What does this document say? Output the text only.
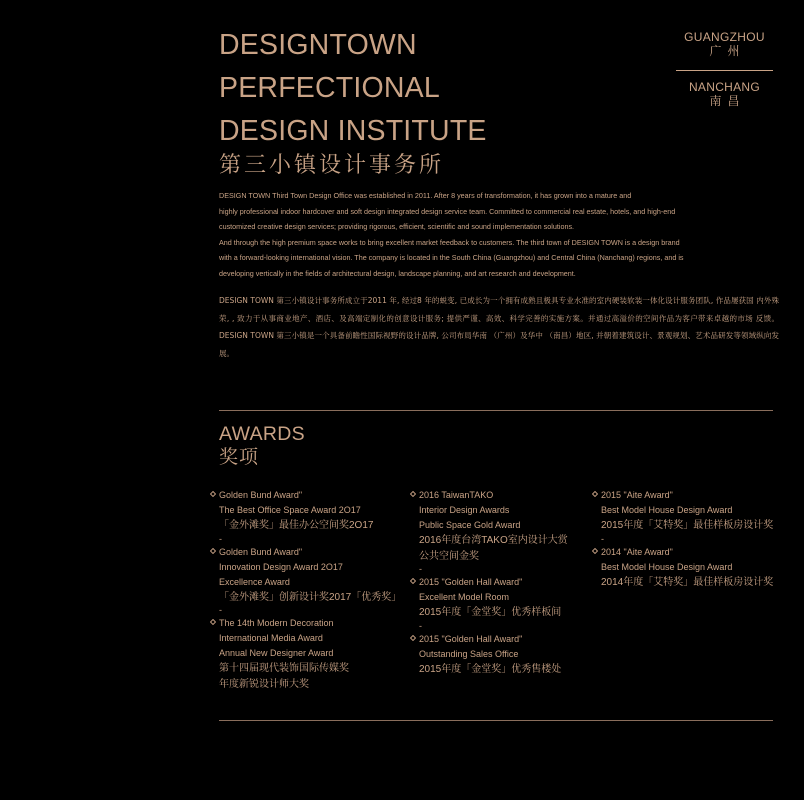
DESIGNTOWN
PERFECTIONAL
DESIGN INSTITUTE
第三小镇设计事务所
GUANGZHOU
广州
NANCHANG
南昌
DESIGN TOWN Third Town Design Office was established in 2011. After 8 years of transformation, it has grown into a mature and
highly professional indoor hardcover and soft design integrated design service team. Committed to commercial real estate, hotels, and high-end
customized creative design services; providing rigorous, efficient, scientific and sound implementation solutions.
And through the high premium space works to bring excellent market feedback to customers. The third town of DESIGN TOWN is a design brand
with a forward-looking international vision. The company is located in the South China (Guangzhou) and Central China (Nanchang) regions, and is
developing vertically in the fields of architectural design, landscape planning, and art research and development.
DESIGN TOWN 第三小镇设计事务所成立于2011 年, 经过8 年的蜕变, 已成长为一个拥有成熟且极具专业水准的室内硬装软装一体化设计服务团队, 作品屡获国 内外殊荣, , 致力于从事商业地产、酒店、及高端定制化的创意设计服务; 提供严谨、高效、科学完善的实施方案。并通过高溢价的空间作品为客户带来卓越的市场 反馈。DESIGN TOWN 第三小镇是一个具备前瞻性国际视野的设计品牌, 公司布局华南 （广州）及华中 （南昌）地区, 并朝着建筑设计、景观规划、艺术品研发等领域纵向发展。
AWARDS
奖项
Golden Bund Award"
The Best Office Space Award 2O17
「金外滩奖」最佳办公空间奖2O17
-
Golden Bund Award"
Innovation Design Award 2O17
Excellence Award
「金外滩奖」创新设计奖2017「优秀奖」
-
The 14th Modern Decoration
International Media Award
Annual New Designer Award
第十四届现代装饰国际传媒奖
年度新锐设计师大奖
2016 TaiwanTAKO
Interior Design Awards
Public Space Gold Award
2016年度台湾TAKO室内设计大赏
公共空间金奖
-
2015 "Golden Hall Award"
Excellent Model Room
2015年度「金堂奖」优秀样板间
-
2015 "Golden Hall Award"
Outstanding Sales Office
2015年度「金堂奖」优秀售楼处
2015 "Aite Award"
Best Model House Design Award
2015年度「艾特奖」最佳样板房设计奖
-
2014 "Aite Award"
Best Model House Design Award
2014年度「艾特奖」最佳样板房设计奖
